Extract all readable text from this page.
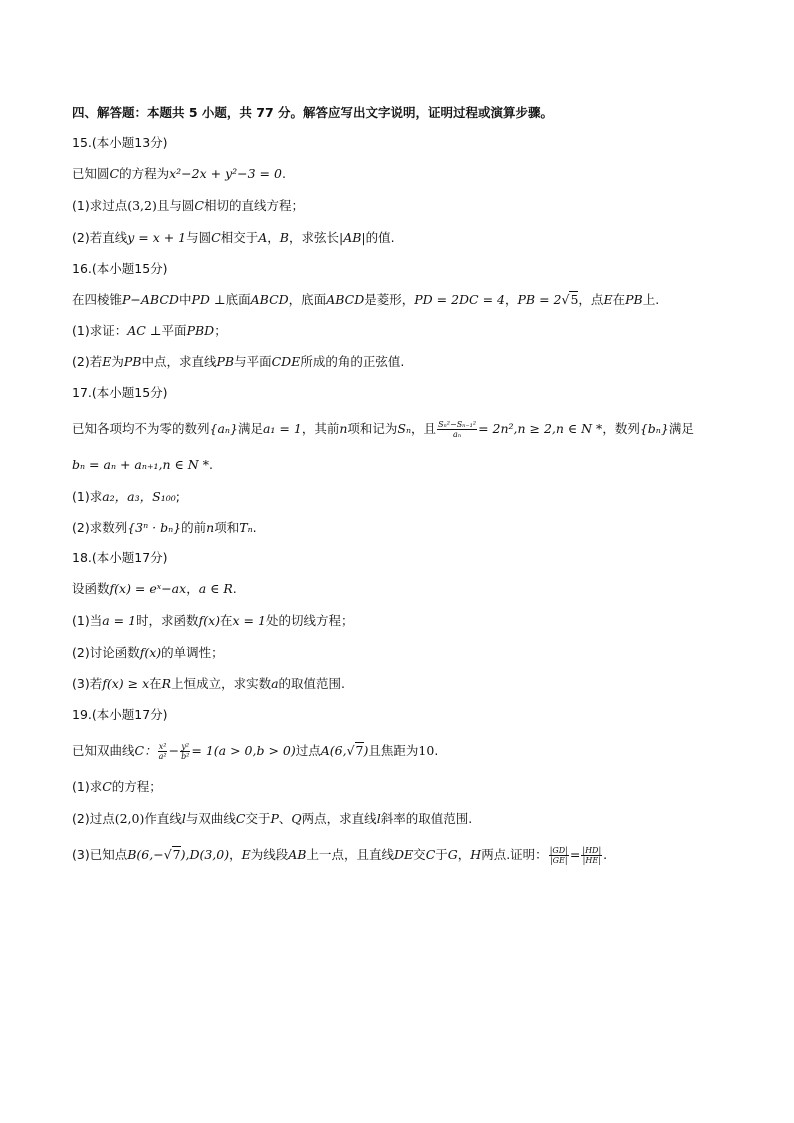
四、解答题：本题共 5 小题，共 77 分。解答应写出文字说明，证明过程或演算步骤。
15.(本小题13分)
已知圆C的方程为x²−2x + y²−3 = 0.
(1)求过点(3,2)且与圆C相切的直线方程；
(2)若直线y = x + 1与圆C相交于A，B，求弦长|AB|的值.
16.(本小题15分)
在四棱锥P−ABCD中PD ⊥底面ABCD，底面ABCD是菱形，PD = 2DC = 4，PB = 2√5，点E在PB上.
(1)求证：AC ⊥平面PBD；
(2)若E为PB中点，求直线PB与平面CDE所成的角的正弦值.
17.(本小题15分)
已知各项均不为零的数列{aₙ}满足a₁ = 1，其前n项和记为Sₙ，且 $\frac{\text{Sₙ²−Sₙ₋₁²}}{\text{aₙ}} = 2n^2,n \ge 2,n$ ∈ N *，数列{bₙ}满足
bₙ = aₙ + aₙ₊₁,n ∈ N *.
(1)求a₂，a₃，S₁₀₀;
(2)求数列{3ⁿ · bₙ}的前n项和Tₙ.
18.(本小题17分)
设函数f(x) = eˣ−ax，a ∈ R.
(1)当a = 1时，求函数f(x)在x = 1处的切线方程；
(2)讨论函数f(x)的单调性；
(3)若f(x) ≥ x在R上恒成立，求实数a的取值范围.
19.(本小题17分)
已知双曲线C： $\frac{\text{x²}}{\text{a²}} - \frac{\text{y²}}{\text{b²}} = 1(a > 0,b > 0)$过点A(6,√7)且焦距为10.
(1)求C的方程；
(2)过点(2,0)作直线l与双曲线C交于P、Q两点，求直线l斜率的取值范围.
(3)已知点B(6,−√7),D(3,0)，E为线段AB上一点，且直线DE交C于G，H两点.证明： $\frac{|GD|}{|GE|} = \frac{|HD|}{|HE|}$ .
